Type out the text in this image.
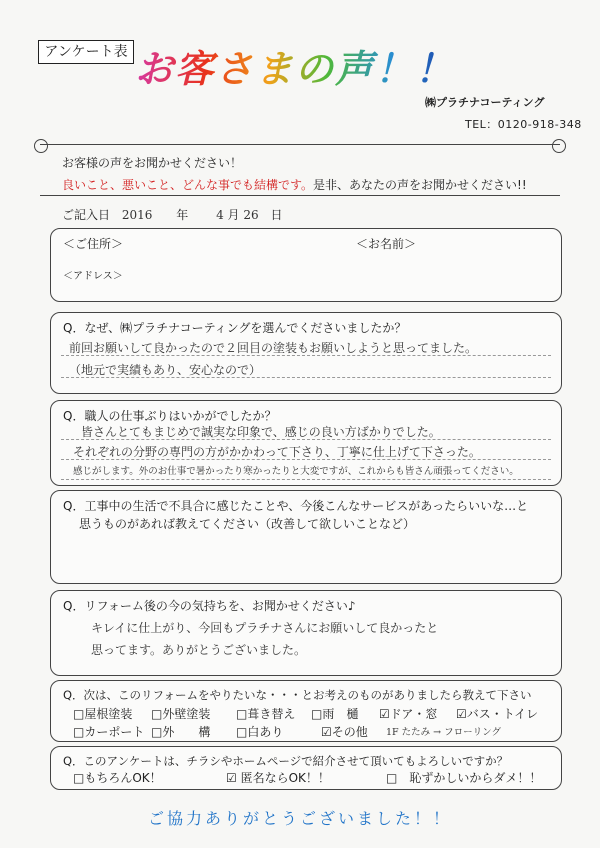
アンケート表 お客さまの声！！
㈱プラチナコーティング
TEL：0120-918-348
お客様の声をお聞かせください！
良いこと、悪いこと、どんな事でも結構です。是非、あなたの声をお聞かせください!!
ご記入日 2016 年 4 月 26 日
＜ご住所＞	＜お名前＞
＜アドレス＞
Q．なぜ、㈱プラチナコーティングを選んでくださいましたか？
前回お願いして良かったので２回目の塗装もお願いしようと思ってました。
（地元で実績もあり、安心なので）
Q．職人の仕事ぶりはいかがでしたか？
皆さんとてもまじめで誠実な印象で、感じの良い方ばかりでした。
それぞれの分野の専門の方がかかわって下さり、丁寧に仕上げて下さった。
感じがします。外のお仕事で暑かったり寒かったりと大変ですが、これからも皆さん頑張ってください。
Q．工事中の生活で不具合に感じたことや、今後こんなサービスがあったらいいな…と
思うものがあれば教えてください（改善して欲しいことなど）
Q．リフォーム後の今の気持ちを、お聞かせください♪
キレイに仕上がり、今回もプラチナさんにお願いして良かったと
思ってます。ありがとうございました。
Q．次は、このリフォームをやりたいな・・・とお考えのものがありましたら教えて下さい
□屋根塗装 □外壁塗装 □葺き替え □雨　樋 ☑ドア・窓 ☑バス・トイレ
□カーポート □外　　構 □白あり	☑その他 1F たたみ → フローリング
Q．このアンケートは、チラシやホームページで紹介させて頂いてもよろしいですか？
□もちろんOK！	☑ 匿名ならOK！！	□　恥ずかしいからダメ！！
ご協力ありがとうございました！！
